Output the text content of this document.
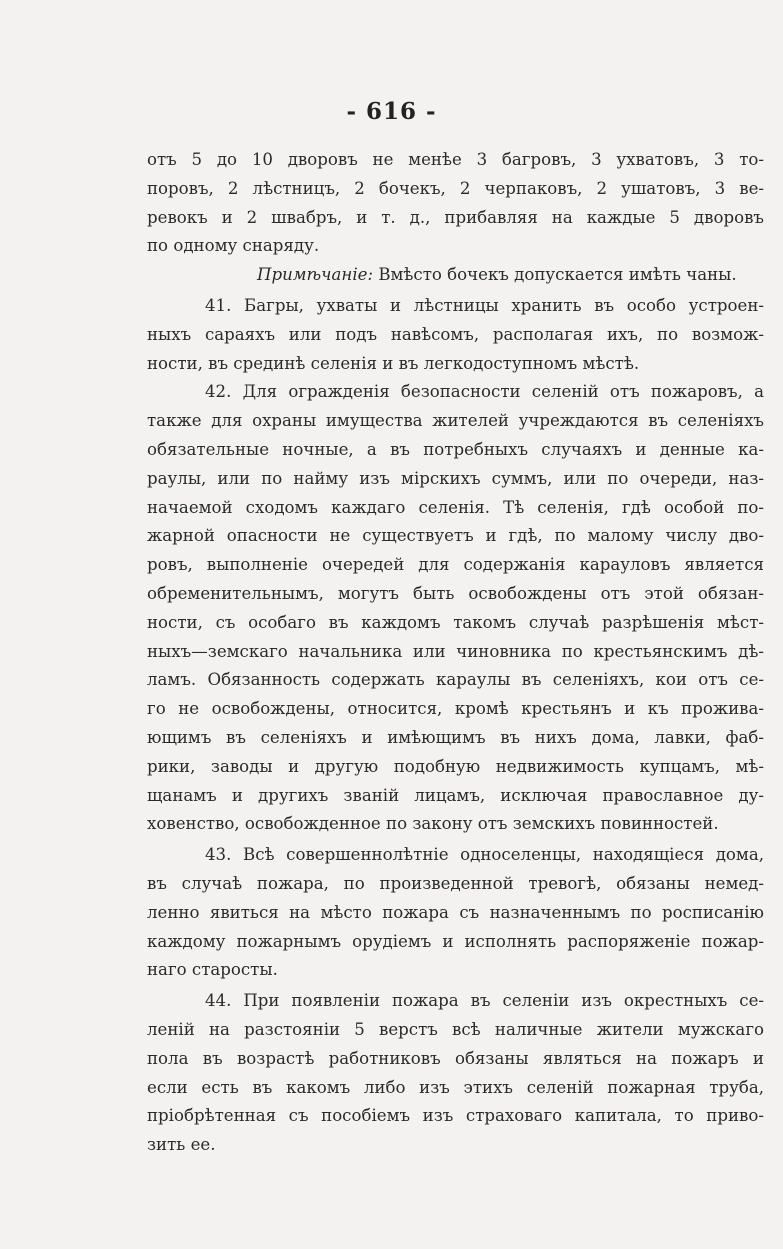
- 616 -

отъ 5 до 10 дворовъ не менѣе 3 багровъ, 3 ухватовъ, 3 то-
поровъ, 2 лѣстницъ, 2 бочекъ, 2 черпаковъ, 2 ушатовъ, 3 ве-
ревокъ и 2 швабръ, и т. д., прибавляя на каждые 5 дворовъ
по одному снаряду.

Примѣчаніе: Вмѣсто бочекъ допускается имѣть чаны.

41. Багры, ухваты и лѣстницы хранить въ особо устроен-
ныхъ сараяхъ или подъ навѣсомъ, располагая ихъ, по возмож-
ности, въ срединѣ селенія и въ легкодоступномъ мѣстѣ.

42. Для огражденія безопасности селеній отъ пожаровъ, а
также для охраны имущества жителей учреждаются въ селеніяхъ
обязательные ночные, а въ потребныхъ случаяхъ и денные ка-
раулы, или по найму изъ мірскихъ суммъ, или по очереди, наз-
начаемой сходомъ каждаго селенія. Тѣ селенія, гдѣ особой по-
жарной опасности не существуетъ и гдѣ, по малому числу дво-
ровъ, выполненіе очередей для содержанія карауловъ является
обременительнымъ, могутъ быть освобождены отъ этой обязан-
ности, съ особаго въ каждомъ такомъ случаѣ разрѣшенія мѣст-
ныхъ—земскаго начальника или чиновника по крестьянскимъ дѣ-
ламъ. Обязанность содержать караулы въ селеніяхъ, кои отъ се-
го не освобождены, относится, кромѣ крестьянъ и къ прожива-
ющимъ въ селеніяхъ и имѣющимъ въ нихъ дома, лавки, фаб-
рики, заводы и другую подобную недвижимость купцамъ, мѣ-
щанамъ и другихъ званій лицамъ, исключая православное ду-
ховенство, освобожденное по закону отъ земскихъ повинностей.

43. Всѣ совершеннолѣтніе односеленцы, находящіеся дома,
въ случаѣ пожара, по произведенной тревогѣ, обязаны немед-
ленно явиться на мѣсто пожара съ назначеннымъ по росписанію
каждому пожарнымъ орудіемъ и исполнять распоряженіе пожар-
наго старосты.

44. При появленіи пожара въ селеніи изъ окрестныхъ се-
леній на разстояніи 5 верстъ всѣ наличные жители мужскаго
пола въ возрастѣ работниковъ обязаны являться на пожаръ и
если есть въ какомъ либо изъ этихъ селеній пожарная труба,
пріобрѣтенная съ пособіемъ изъ страховаго капитала, то приво-
зить ее.
